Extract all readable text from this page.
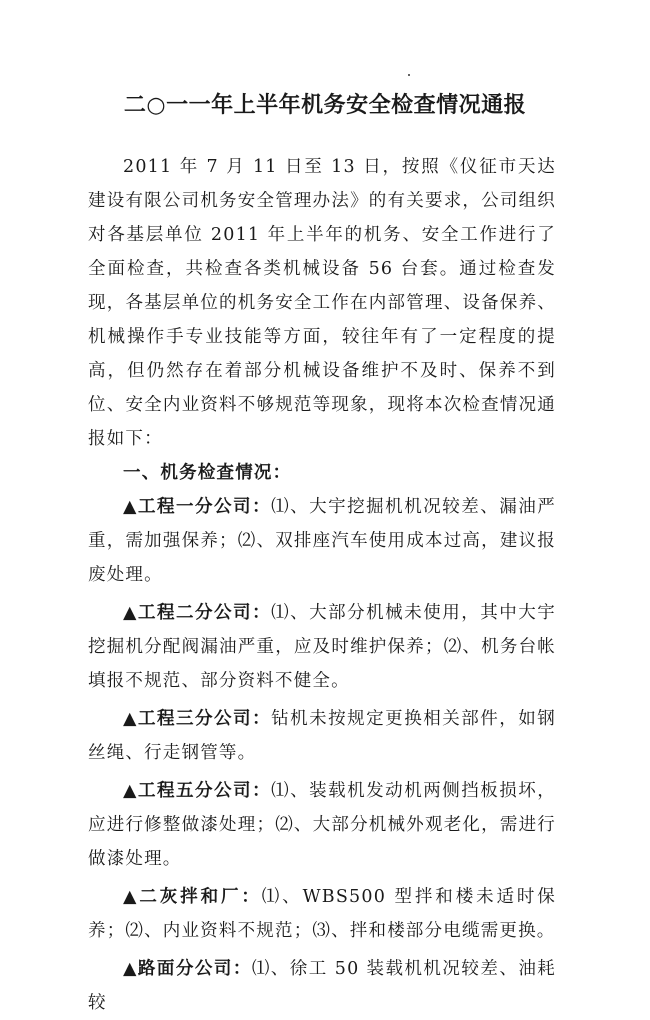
二○一一年上半年机务安全检查情况通报

2011 年 7 月 11 日至 13 日，按照《仪征市天达建设有限公司机务安全管理办法》的有关要求，公司组织对各基层单位 2011 年上半年的机务、安全工作进行了全面检查，共检查各类机械设备 56 台套。通过检查发现，各基层单位的机务安全工作在内部管理、设备保养、机械操作手专业技能等方面，较往年有了一定程度的提高，但仍然存在着部分机械设备维护不及时、保养不到位、安全内业资料不够规范等现象，现将本次检查情况通报如下：

一、机务检查情况：

▲工程一分公司：⑴、大宇挖掘机机况较差、漏油严重，需加强保养；⑵、双排座汽车使用成本过高，建议报废处理。

▲工程二分公司：⑴、大部分机械未使用，其中大宇挖掘机分配阀漏油严重，应及时维护保养；⑵、机务台帐填报不规范、部分资料不健全。

▲工程三分公司：钻机未按规定更换相关部件，如钢丝绳、行走钢管等。

▲工程五分公司：⑴、装载机发动机两侧挡板损坏，应进行修整做漆处理；⑵、大部分机械外观老化，需进行做漆处理。

▲二灰拌和厂：⑴、WBS500 型拌和楼未适时保养；⑵、内业资料不规范；⑶、拌和楼部分电缆需更换。

▲路面分公司：⑴、徐工 50 装载机机况较差、油耗较
